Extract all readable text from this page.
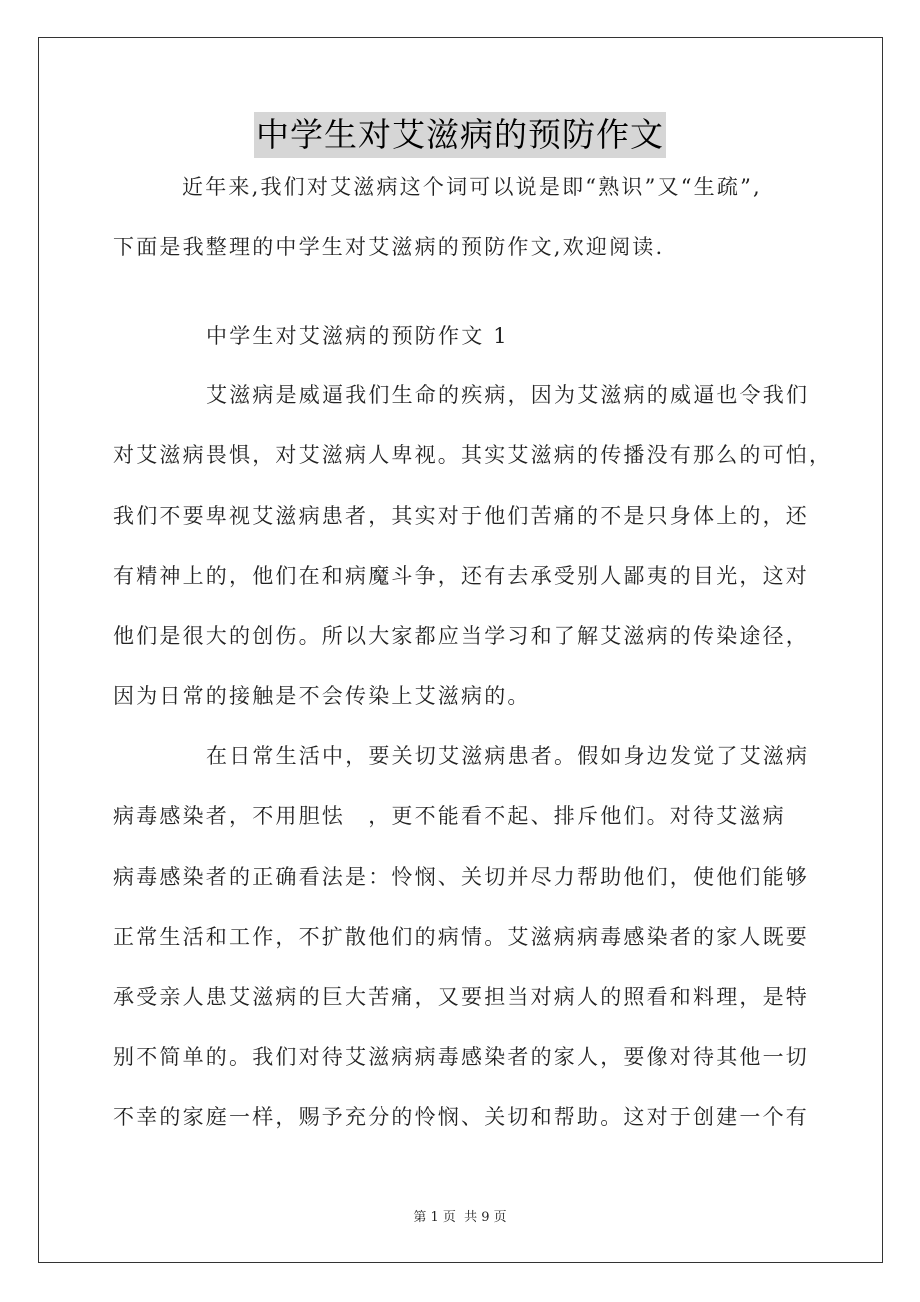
中学生对艾滋病的预防作文
近年来,我们对艾滋病这个词可以说是即“熟识”又“生疏”,
下面是我整理的中学生对艾滋病的预防作文,欢迎阅读.
中学生对艾滋病的预防作文 1
艾滋病是威逼我们生命的疾病，因为艾滋病的威逼也令我们
对艾滋病畏惧，对艾滋病人卑视。其实艾滋病的传播没有那么的可怕，
我们不要卑视艾滋病患者，其实对于他们苦痛的不是只身体上的，还
有精神上的，他们在和病魔斗争，还有去承受别人鄙夷的目光，这对
他们是很大的创伤。所以大家都应当学习和了解艾滋病的传染途径，
因为日常的接触是不会传染上艾滋病的。
在日常生活中，要关切艾滋病患者。假如身边发觉了艾滋病
病毒感染者，不用胆怯　，更不能看不起、排斥他们。对待艾滋病
病毒感染者的正确看法是：怜悯、关切并尽力帮助他们，使他们能够
正常生活和工作，不扩散他们的病情。艾滋病病毒感染者的家人既要
承受亲人患艾滋病的巨大苦痛，又要担当对病人的照看和料理，是特
别不简单的。我们对待艾滋病病毒感染者的家人，要像对待其他一切
不幸的家庭一样，赐予充分的怜悯、关切和帮助。这对于创建一个有
第 1 页 共 9 页
